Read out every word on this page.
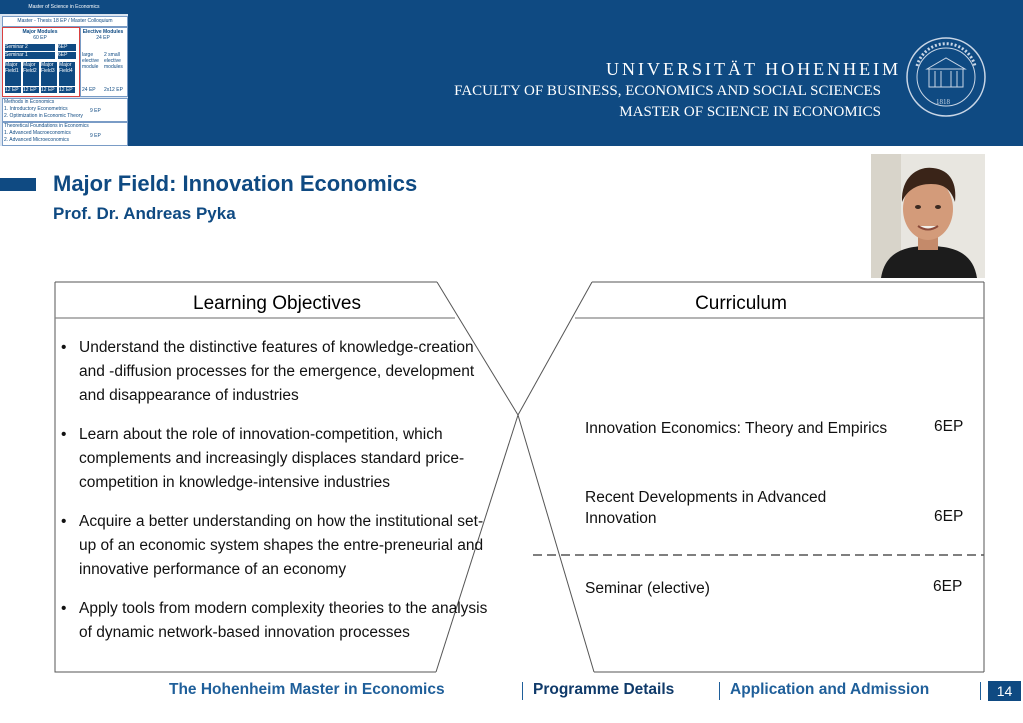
Master of Science in Economics
Master - Thesis 18 EP / Master Colloquium
Major Modules
60 EP
Elective Modules
24 EP
Seminar 2	6EP
Seminar 1	6EP
Major Field1
Major Field2
Major Field3
Major Field4
12 EP 12 EP 12 EP 12 EP
large elective module
2 small elective modules
24 EP	2x12 EP
Methods in Economics
1. Introductory Econometrics
2. Optimization in Economic Theory
9 EP
Theoretical Foundations in Economics
1. Advanced Macroeconomics
2. Advanced Microeconomics
9 EP
UNIVERSITÄT HOHENHEIM
FACULTY OF BUSINESS, ECONOMICS AND SOCIAL SCIENCES
MASTER OF SCIENCE IN ECONOMICS
1818
Major Field: Innovation Economics
Prof. Dr. Andreas Pyka
Learning Objectives
• Understand the distinctive features of knowledge-creation and -diffusion processes for the emergence, development and disappearance of industries
• Learn about the role of innovation-competition, which complements and increasingly displaces standard price-competition in knowledge-intensive industries
• Acquire a better understanding on how the institutional set-up of an economic system shapes the entre-preneurial and innovative performance of an economy
• Apply tools from modern complexity theories to the analysis of dynamic network-based innovation processes
Curriculum
Innovation Economics: Theory and Empirics	6EP
Recent Developments in Advanced Innovation	6EP
Seminar (elective)	6EP
The Hohenheim Master in Economics	Programme Details	Application and Admission	14
